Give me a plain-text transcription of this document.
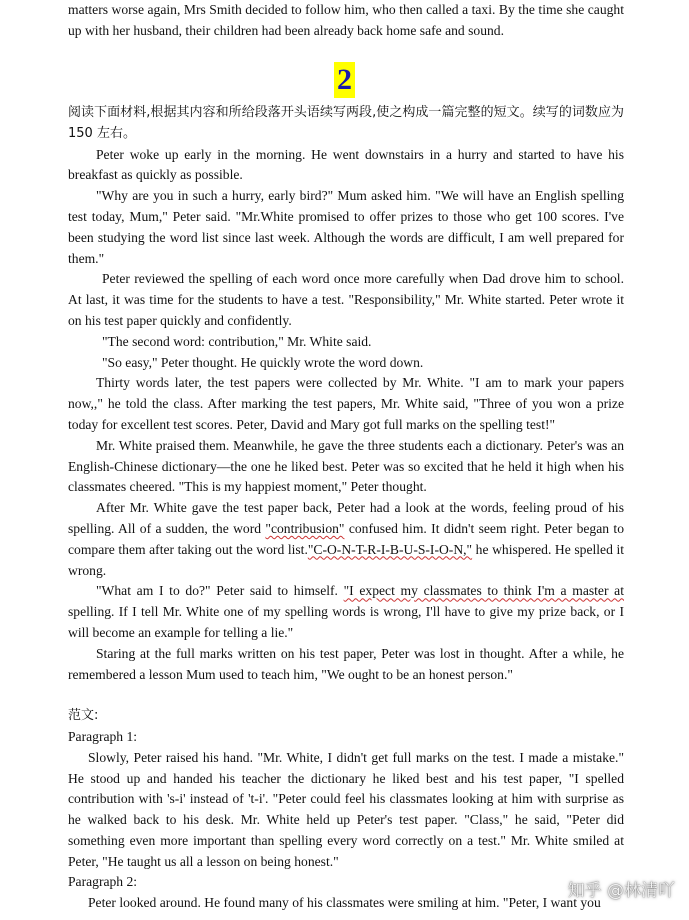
matters worse again, Mrs Smith decided to follow him, who then called a taxi. By the time she caught up with her husband, their children had been already back home safe and sound.

2

阅读下面材料,根据其内容和所给段落开头语续写两段,使之构成一篇完整的短文。续写的词数应为 150 左右。

Peter woke up early in the morning. He went downstairs in a hurry and started to have his breakfast as quickly as possible.

"Why are you in such a hurry, early bird?" Mum asked him. "We will have an English spelling test today, Mum," Peter said. "Mr.White promised to offer prizes to those who get 100 scores. I've been studying the word list since last week. Although the words are difficult, I am well prepared for them."

Peter reviewed the spelling of each word once more carefully when Dad drove him to school. At last, it was time for the students to have a test. "Responsibility," Mr. White started. Peter wrote it on his test paper quickly and confidently.

"The second word: contribution," Mr. White said.

"So easy," Peter thought. He quickly wrote the word down.

Thirty words later, the test papers were collected by Mr. White. "I am to mark your papers now,," he told the class. After marking the test papers, Mr. White said, "Three of you won a prize today for excellent test scores. Peter, David and Mary got full marks on the spelling test!"

Mr. White praised them. Meanwhile, he gave the three students each a dictionary. Peter's was an English-Chinese dictionary—the one he liked best. Peter was so excited that he held it high when his classmates cheered. "This is my happiest moment," Peter thought.

After Mr. White gave the test paper back, Peter had a look at the words, feeling proud of his spelling. All of a sudden, the word "contribusion" confused him. It didn't seem right. Peter began to compare them after taking out the word list."C-O-N-T-R-I-B-U-S-I-O-N," he whispered. He spelled it wrong.

"What am I to do?" Peter said to himself. "I expect my classmates to think I'm a master at spelling. If I tell Mr. White one of my spelling words is wrong, I'll have to give my prize back, or I will become an example for telling a lie."

Staring at the full marks written on his test paper, Peter was lost in thought. After a while, he remembered a lesson Mum used to teach him, "We ought to be an honest person."

范文:

Paragraph 1:

Slowly, Peter raised his hand. "Mr. White, I didn't get full marks on the test. I made a mistake." He stood up and handed his teacher the dictionary he liked best and his test paper, "I spelled contribution with 's-i' instead of 't-i'. "Peter could feel his classmates looking at him with surprise as he walked back to his desk. Mr. White held up Peter's test paper. "Class," he said, "Peter did something even more important than spelling every word correctly on a test." Mr. White smiled at Peter, "He taught us all a lesson on being honest."

Paragraph 2:

Peter looked around. He found many of his classmates were smiling at him. "Peter, I want you

知乎 @林清吖
